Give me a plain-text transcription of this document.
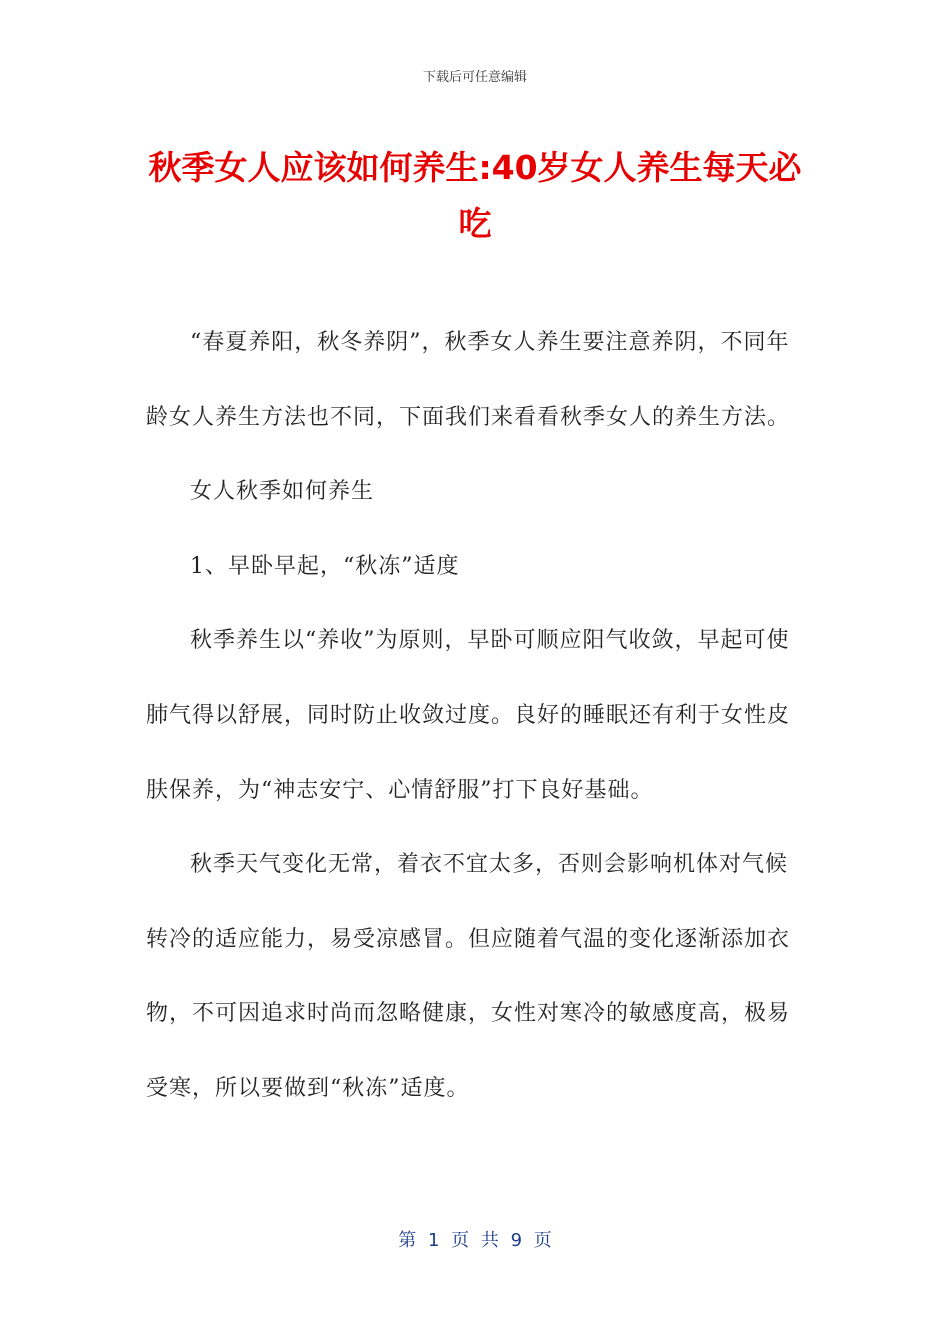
下载后可任意编辑
秋季女人应该如何养生:40岁女人养生每天必吃

“春夏养阳，秋冬养阴”，秋季女人养生要注意养阴，不同年龄女人养生方法也不同，下面我们来看看秋季女人的养生方法。

女人秋季如何养生

1、早卧早起，“秋冻”适度

秋季养生以“养收”为原则，早卧可顺应阳气收敛，早起可使肺气得以舒展，同时防止收敛过度。良好的睡眠还有利于女性皮肤保养，为“神志安宁、心情舒服”打下良好基础。

秋季天气变化无常，着衣不宜太多，否则会影响机体对气候转冷的适应能力，易受凉感冒。但应随着气温的变化逐渐添加衣物，不可因追求时尚而忽略健康，女性对寒冷的敏感度高，极易受寒，所以要做到“秋冻”适度。

第 1 页 共 9 页
